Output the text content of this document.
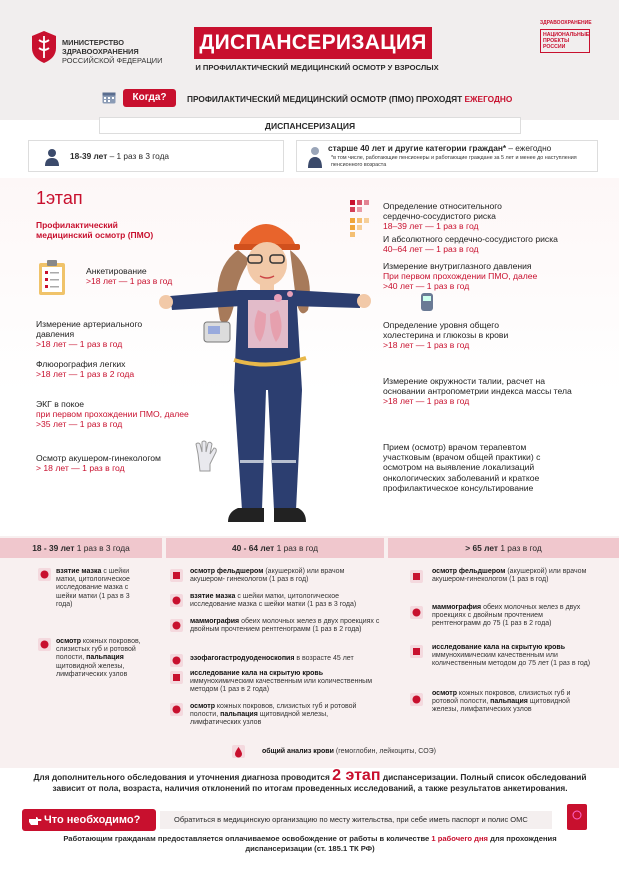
МИНИСТЕРСТВО
ЗДРАВООХРАНЕНИЯ
РОССИЙСКОЙ ФЕДЕРАЦИИ
ДИСПАНСЕРИЗАЦИЯ
И ПРОФИЛАКТИЧЕСКИЙ МЕДИЦИНСКИЙ ОСМОТР У ВЗРОСЛЫХ
ЗДРАВООХРАНЕНИЕ
НАЦИОНАЛЬНЫЕ ПРОЕКТЫ РОССИИ
Когда?	ПРОФИЛАКТИЧЕСКИЙ МЕДИЦИНСКИЙ ОСМОТР (ПМО) ПРОХОДЯТ ЕЖЕГОДНО
ДИСПАНСЕРИЗАЦИЯ
18-39 лет – 1 раз в 3 года
старше 40 лет и другие категории граждан* – ежегодно
*в том числе, работающие пенсионеры и работающие граждане за 5 лет и менее до наступления пенсионного возраста
1этап
Профилактический медицинский осмотр (ПМО)
Анкетирование
>18 лет — 1 раз в год
Измерение артериального давления
>18 лет — 1 раз в год
Флюорография легких
>18 лет — 1 раз в 2 года
ЭКГ в покое
при первом прохождении ПМО, далее
>35 лет — 1 раз в год
Осмотр акушером-гинекологом
> 18 лет — 1 раз в год
Определение относительного сердечно-сосудистого риска
18–39 лет — 1 раз в год
И абсолютного сердечно-сосудистого риска
40–64 лет — 1 раз в год
Измерение внутриглазного давления
При первом прохождении ПМО, далее
>40 лет — 1 раз в год
Определение уровня общего холестерина и глюкозы в крови
>18 лет — 1 раз в год
Измерение окружности талии, расчет на основании антропометрии индекса массы тела
>18 лет — 1 раз в год
Прием (осмотр) врачом терапевтом участковым (врачом общей практики) с осмотром на выявление локализаций онкологических заболеваний и краткое профилактическое консультирование
18 - 39 лет 1 раз в 3 года	40 - 64 лет 1 раз в год	> 65 лет 1 раз в год
взятие мазка с шейки матки, цитологическое исследование мазка с шейки матки (1 раз в 3 года)
осмотр кожных покровов, слизистых губ и ротовой полости, пальпация щитовидной железы, лимфатических узлов
осмотр фельдшером (акушеркой) или врачом акушером- гинекологом (1 раз в год)
взятие мазка с шейки матки, цитологическое исследование мазка с шейки матки (1 раз в 3 года)
маммография обеих молочных желез в двух проекциях с двойным прочтением рентгенограмм (1 раз в 2 года)
эзофагогастродуоденоскопия в возрасте 45 лет
исследование кала на скрытую кровь иммунохимическим качественным или количественным методом (1 раз в 2 года)
осмотр кожных покровов, слизистых губ и ротовой полости, пальпация щитовидной железы, лимфатических узлов
осмотр фельдшером (акушеркой) или врачом акушером-гинекологом (1 раз в год)
маммография обеих молочных желез в двух проекциях с двойным прочтением рентгенограмм до 75 (1 раз в 2 года)
исследование кала на скрытую кровь иммунохимическим качественным или количественным методом до 75 лет (1 раз в год)
осмотр кожных покровов, слизистых губ и ротовой полости, пальпация щитовидной железы, лимфатических узлов
общий анализ крови (гемоглобин, лейкоциты, СОЭ)
Для дополнительного обследования и уточнения диагноза проводится 2 этап диспансеризации. Полный список обследований зависит от пола, возраста, наличия отклонений по итогам проведенных исследований, а также результатов анкетирования.
Что необходимо?	Обратиться в медицинскую организацию по месту жительства, при себе иметь паспорт и полис ОМС
Работающим гражданам предоставляется оплачиваемое освобождение от работы в количестве 1 рабочего дня для прохождения диспансеризации (ст. 185.1 ТК РФ)
